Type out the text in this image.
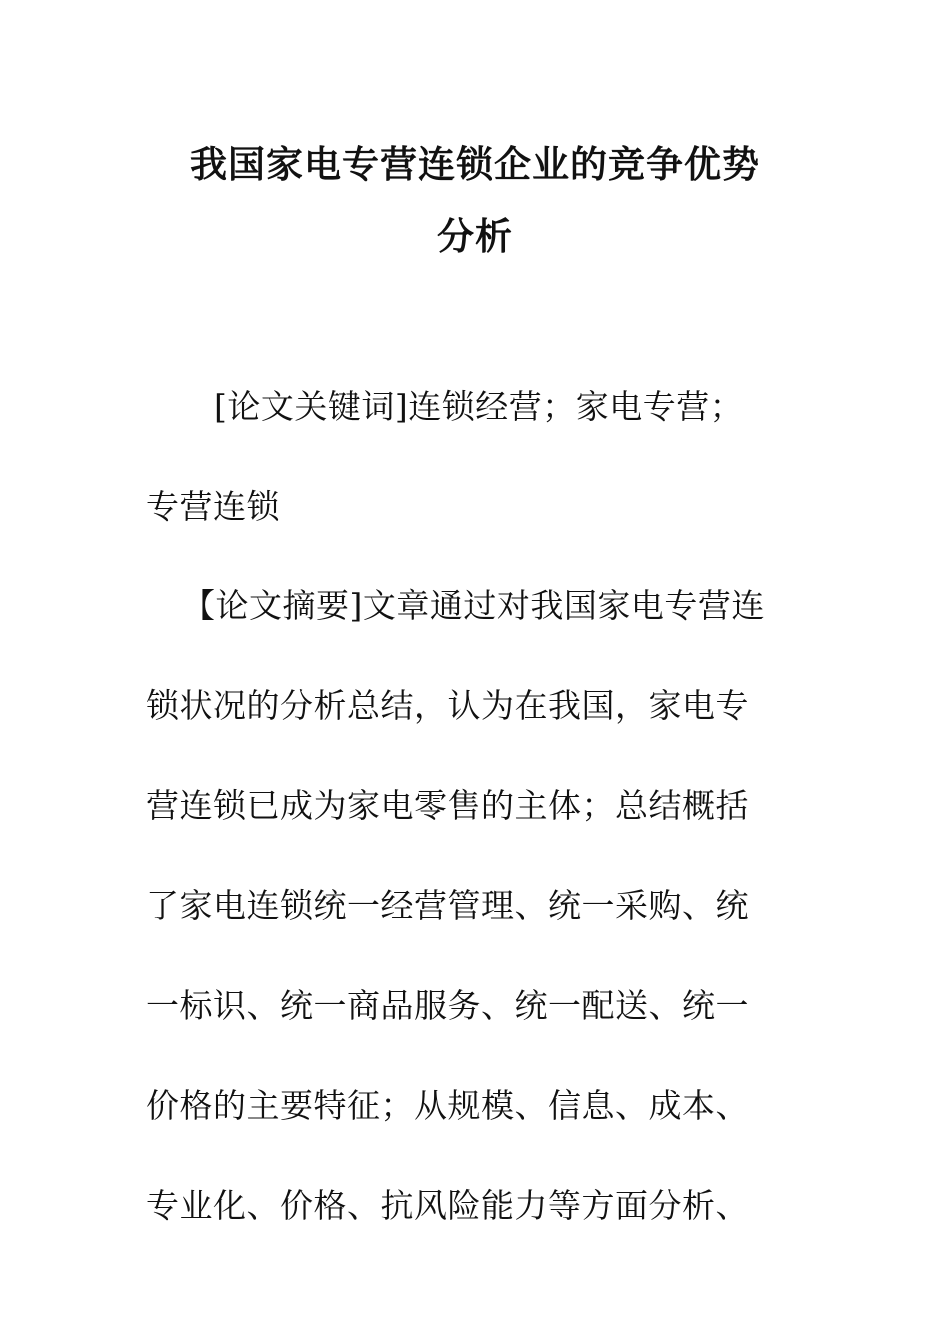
我国家电专营连锁企业的竞争优势
分析
[论文关键词]连锁经营；家电专营；
专营连锁
【论文摘要]文章通过对我国家电专营连
锁状况的分析总结，认为在我国，家电专
营连锁已成为家电零售的主体；总结概括
了家电连锁统一经营管理、统一采购、统
一标识、统一商品服务、统一配送、统一
价格的主要特征；从规模、信息、成本、
专业化、价格、抗风险能力等方面分析、
